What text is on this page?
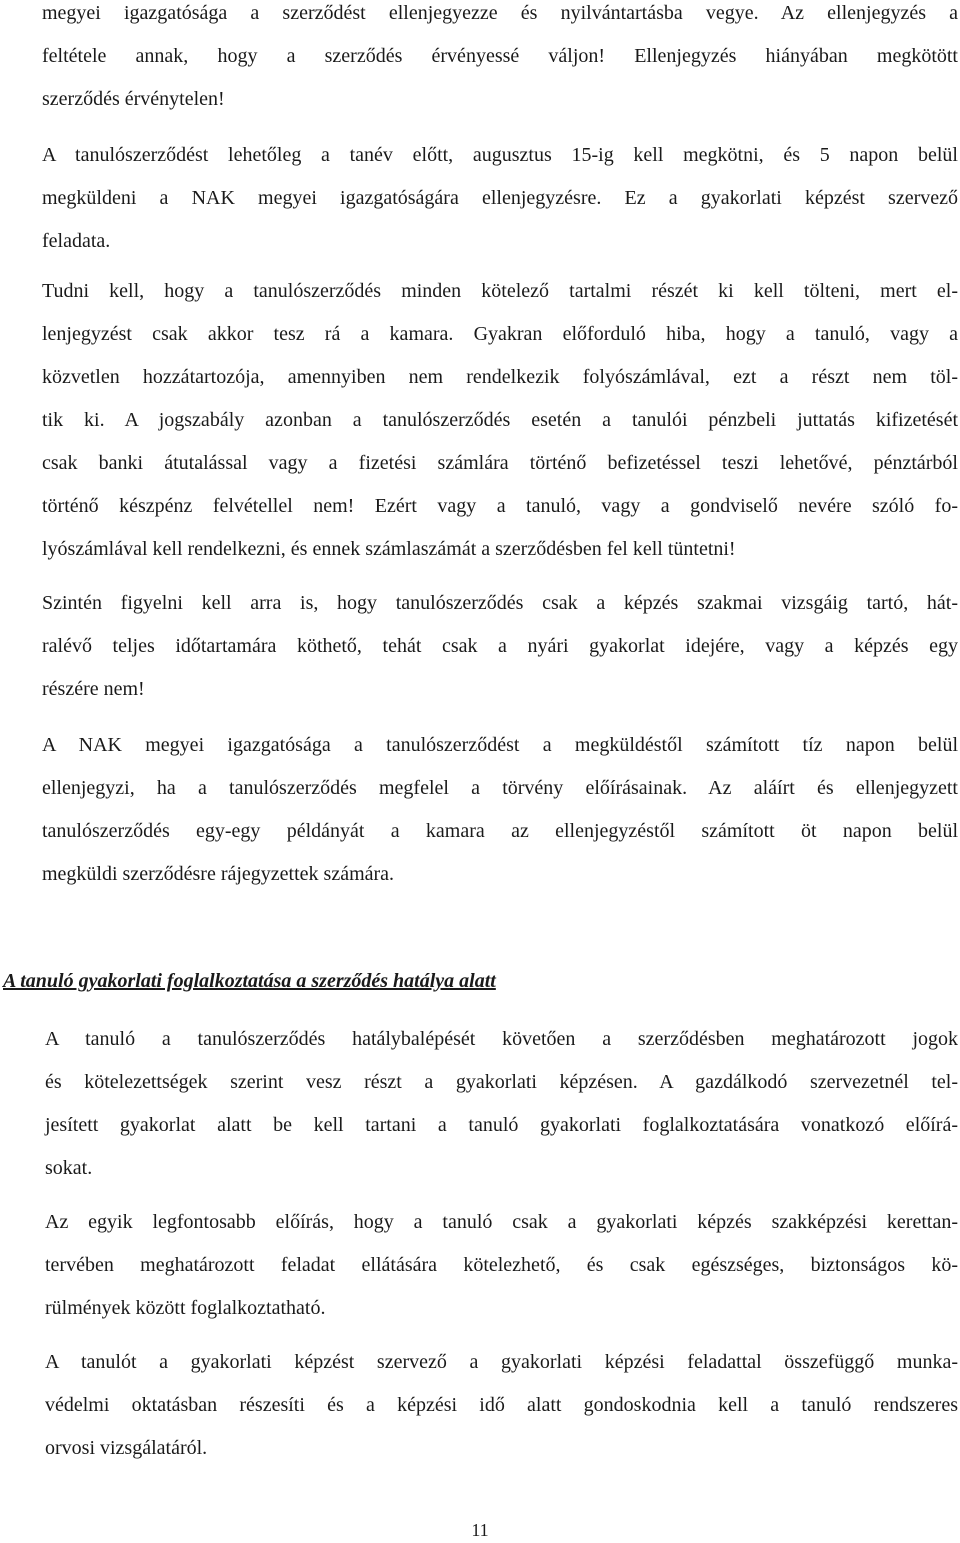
megyei igazgatósága a szerződést ellenjegyezze és nyilvántartásba vegye. Az ellenjegyzés a
feltétele annak, hogy a szerződés érvényessé váljon! Ellenjegyzés hiányában megkötött
szerződés érvénytelen!
A tanulószerződést lehetőleg a tanév előtt, augusztus 15-ig kell megkötni, és 5 napon belül
megküldeni a NAK megyei igazgatóságára ellenjegyzésre. Ez a gyakorlati képzést szervező
feladata.
Tudni kell, hogy a tanulószerződés minden kötelező tartalmi részét ki kell tölteni, mert el-
lenjegyzést csak akkor tesz rá a kamara. Gyakran előforduló hiba, hogy a tanuló, vagy a
közvetlen hozzátartozója, amennyiben nem rendelkezik folyószámlával, ezt a részt nem töl-
tik ki. A jogszabály azonban a tanulószerződés esetén a tanulói pénzbeli juttatás kifizetését
csak banki átutalással vagy a fizetési számlára történő befizetéssel teszi lehetővé, pénztárból
történő készpénz felvétellel nem! Ezért vagy a tanuló, vagy a gondviselő nevére szóló fo-
lyószámlával kell rendelkezni, és ennek számlaszámát a szerződésben fel kell tüntetni!
Szintén figyelni kell arra is, hogy tanulószerződés csak a képzés szakmai vizsgáig tartó, hát-
ralévő teljes időtartamára köthető, tehát csak a nyári gyakorlat idejére, vagy a képzés egy
részére nem!
A NAK megyei igazgatósága a tanulószerződést a megküldéstől számított tíz napon belül
ellenjegyzi, ha a tanulószerződés megfelel a törvény előírásainak. Az aláírt és ellenjegyzett
tanulószerződés egy-egy példányát a kamara az ellenjegyzéstől számított öt napon belül
megküldi szerződésre rájegyzettek számára.
A tanuló gyakorlati foglalkoztatása a szerződés hatálya alatt
A tanuló a tanulószerződés hatálybalépését követően a szerződésben meghatározott jogok
és kötelezettségek szerint vesz részt a gyakorlati képzésen. A gazdálkodó szervezetnél tel-
jesített gyakorlat alatt be kell tartani a tanuló gyakorlati foglalkoztatására vonatkozó előírá-
sokat.
Az egyik legfontosabb előírás, hogy a tanuló csak a gyakorlati képzés szakképzési kerettan-
tervében meghatározott feladat ellátására kötelezhető, és csak egészséges, biztonságos kö-
rülmények között foglalkoztatható.
A tanulót a gyakorlati képzést szervező a gyakorlati képzési feladattal összefüggő munka-
védelmi oktatásban részesíti és a képzési idő alatt gondoskodnia kell a tanuló rendszeres
orvosi vizsgálatáról.
11
